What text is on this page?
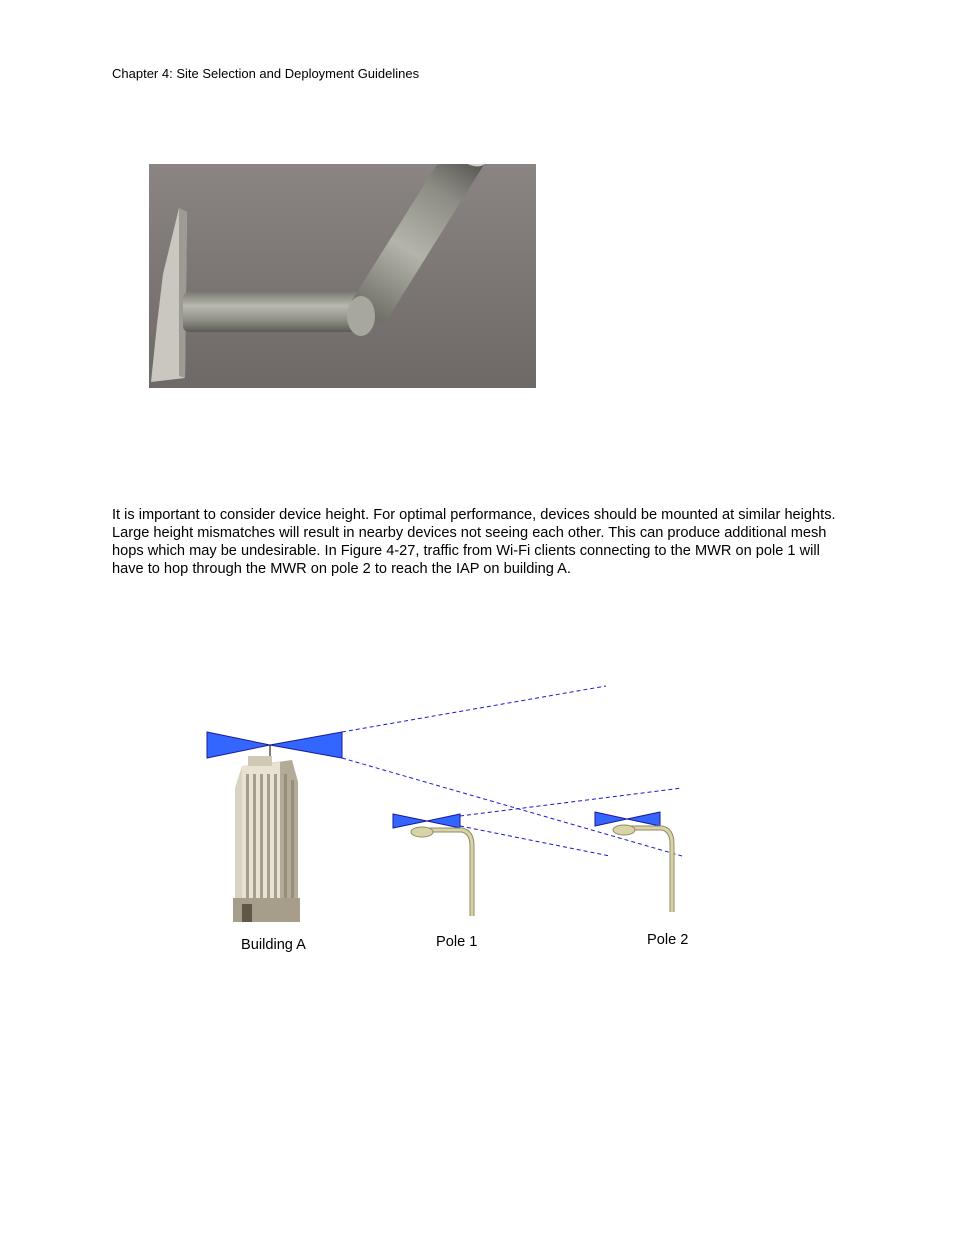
Chapter 4: Site Selection and Deployment Guidelines
It is important to consider device height. For optimal performance, devices should be mounted at similar heights. Large height mismatches will result in nearby devices not seeing each other. This can produce additional mesh hops which may be undesirable. In Figure 4-27, traffic from Wi-Fi clients connecting to the MWR on pole 1 will have to hop through the MWR on pole 2 to reach the IAP on building A.
Building A	Pole 1	Pole 2
